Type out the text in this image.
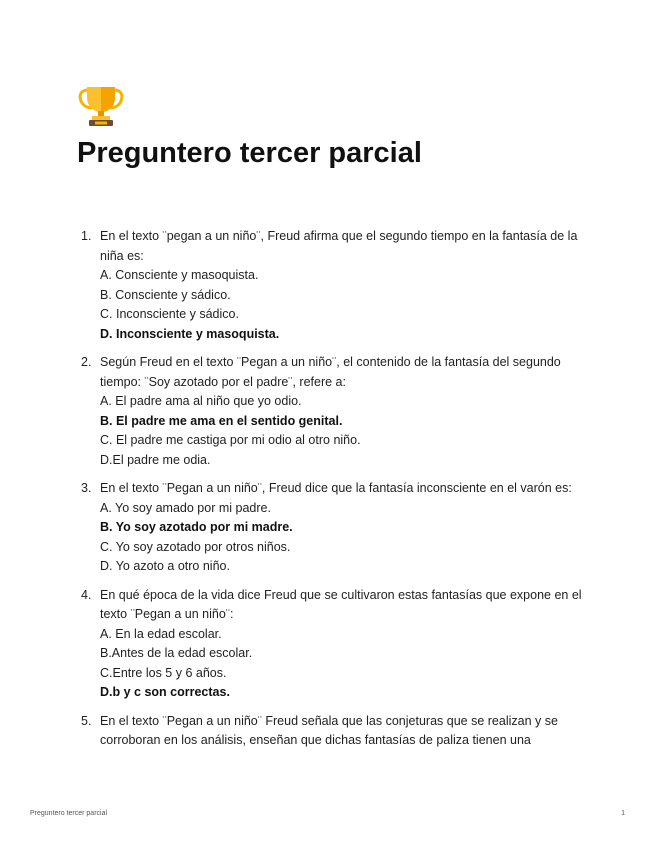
Preguntero tercer parcial
1. En el texto ¨pegan a un niño¨, Freud afirma que el segundo tiempo en la fantasía de la niña es:
A. Consciente y masoquista.
B. Consciente y sádico.
C. Inconsciente y sádico.
D. Inconsciente y masoquista.
2. Según Freud en el texto ¨Pegan a un niño¨, el contenido de la fantasía del segundo tiempo: ¨Soy azotado por el padre¨, refere a:
A. El padre ama al niño que yo odio.
B. El padre me ama en el sentido genital.
C. El padre me castiga por mi odio al otro niño.
D.El padre me odia.
3. En el texto ¨Pegan a un niño¨, Freud dice que la fantasía inconsciente en el varón es:
A. Yo soy amado por mi padre.
B. Yo soy azotado por mi madre.
C. Yo soy azotado por otros niños.
D. Yo azoto a otro niño.
4. En qué época de la vida dice Freud que se cultivaron estas fantasías que expone en el texto ¨Pegan a un niño¨:
A. En la edad escolar.
B.Antes de la edad escolar.
C.Entre los 5 y 6 años.
D.b y c son correctas.
5. En el texto ¨Pegan a un niño¨ Freud señala que las conjeturas que se realizan y se corroboran en los análisis, enseñan que dichas fantasías de paliza tienen una
Preguntero tercer parcial	1
